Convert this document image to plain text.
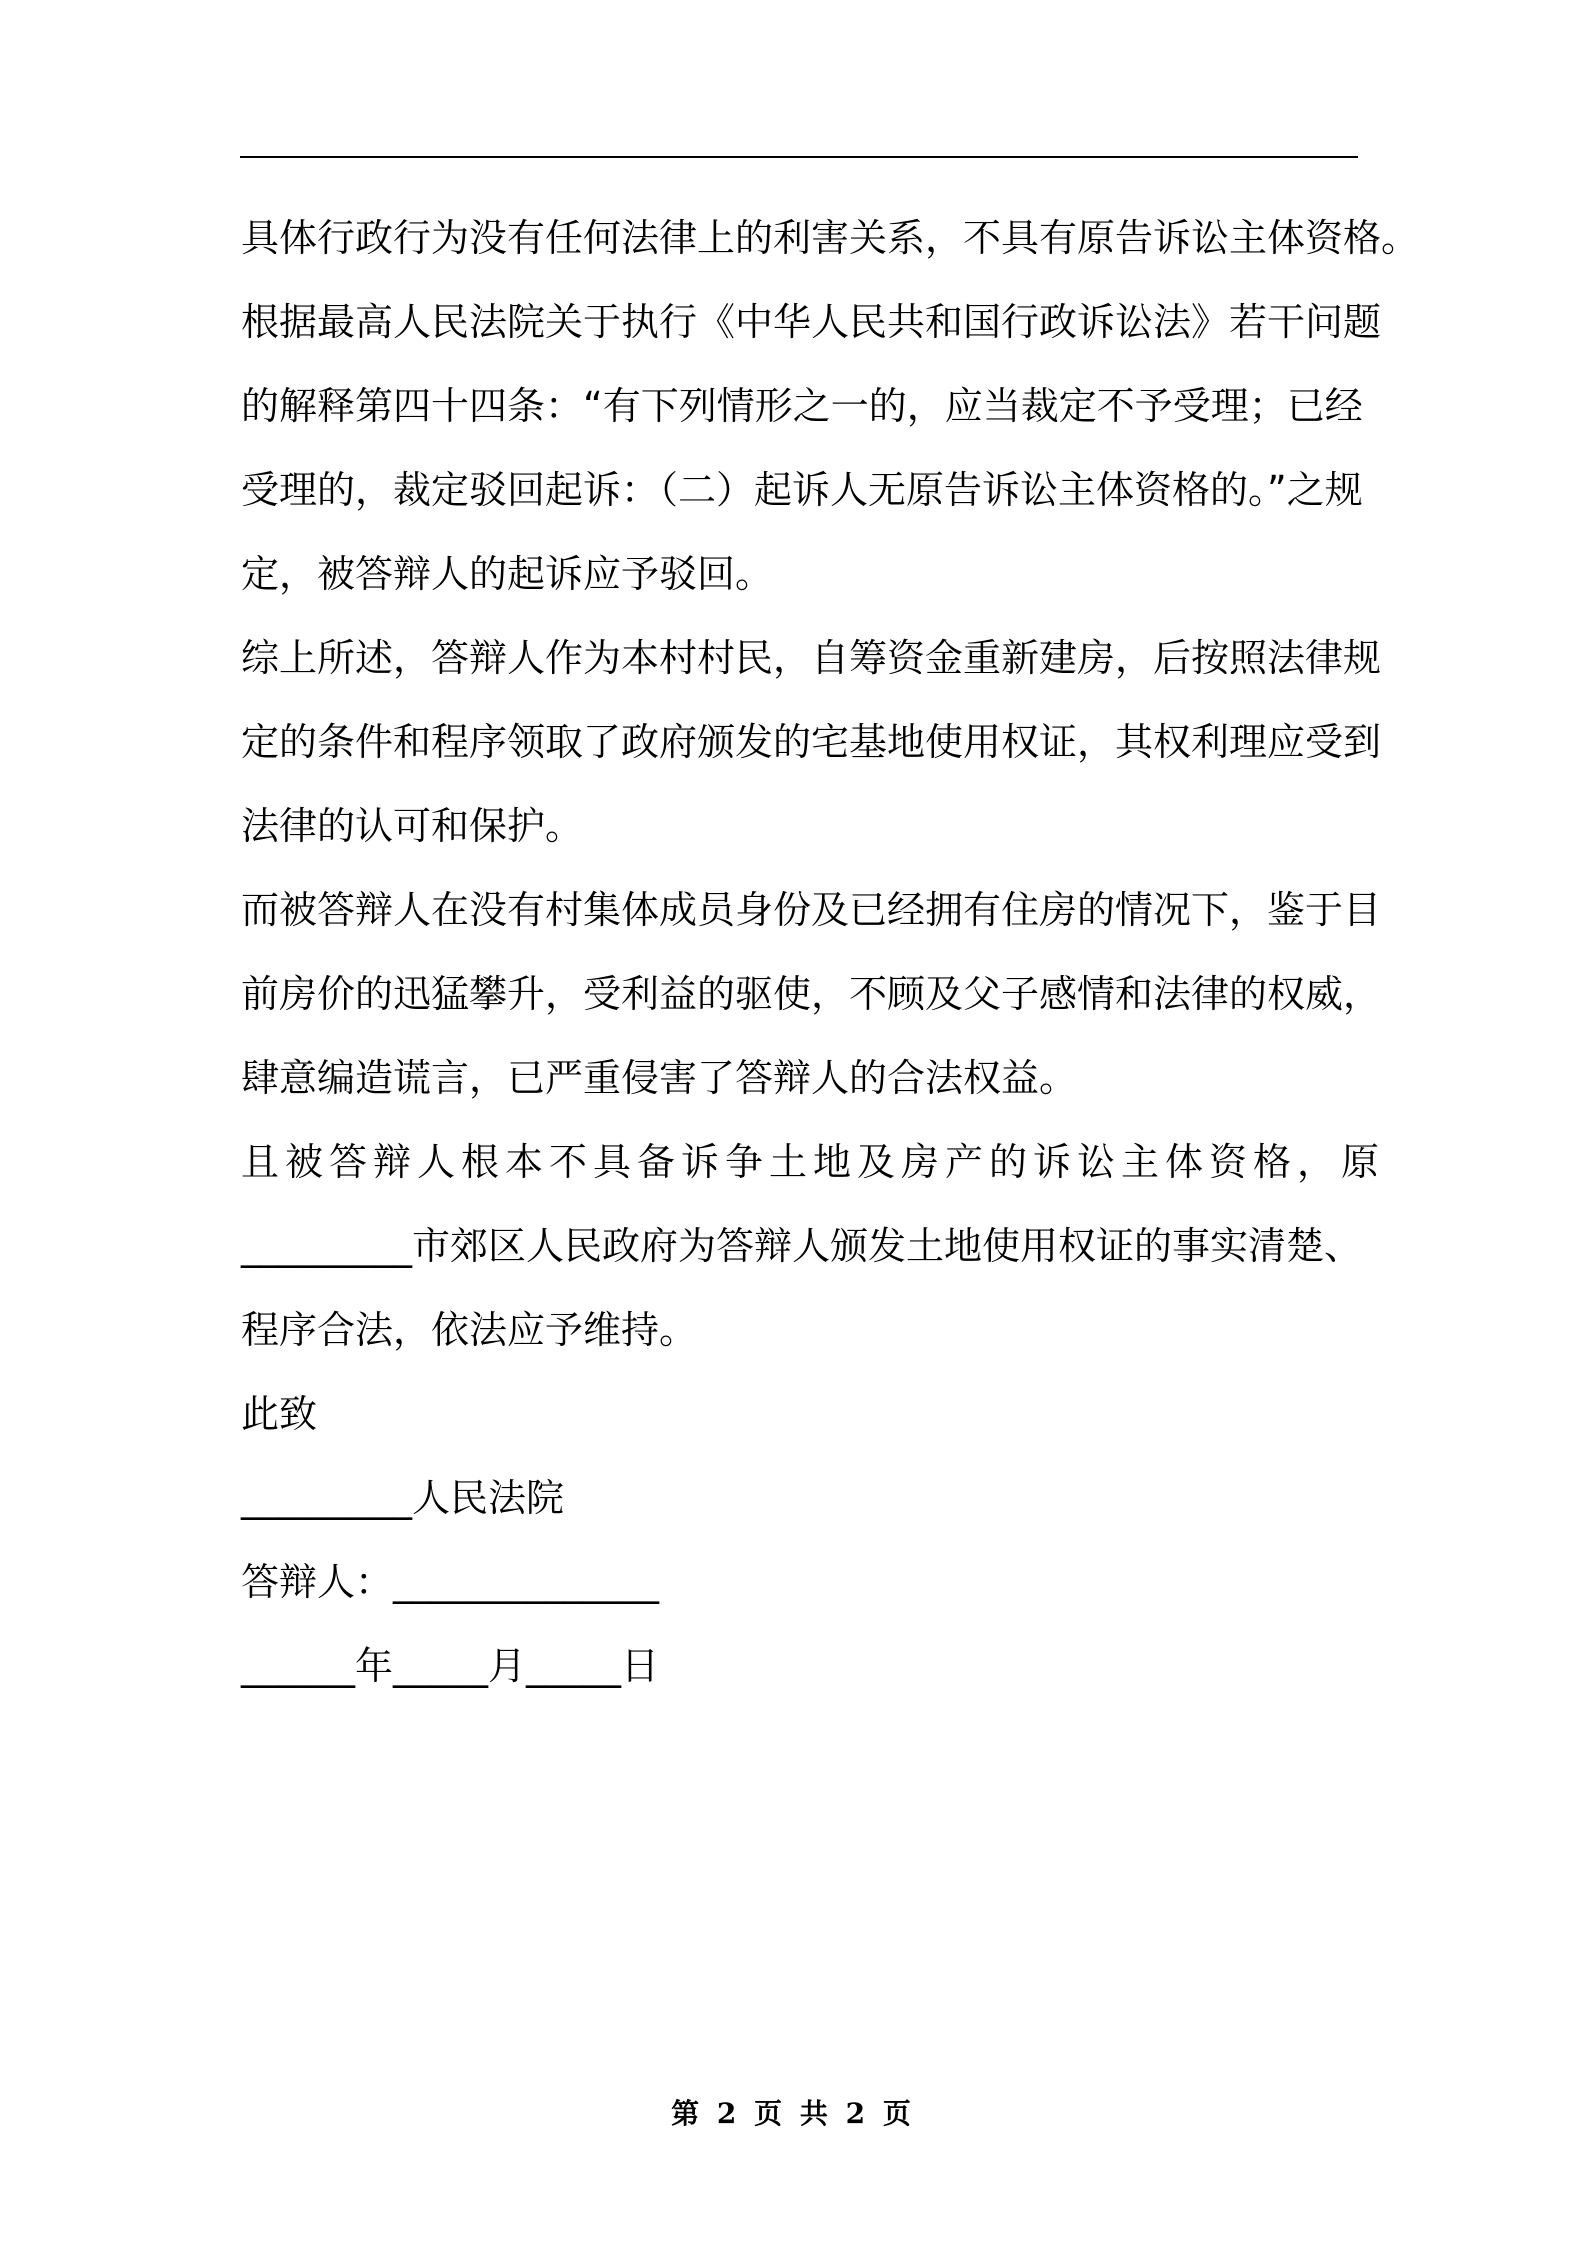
具体行政行为没有任何法律上的利害关系，不具有原告诉讼主体资格。
根据最高人民法院关于执行《中华人民共和国行政诉讼法》若干问题
的解释第四十四条：“有下列情形之一的，应当裁定不予受理；已经
受理的，裁定驳回起诉：（二）起诉人无原告诉讼主体资格的。”之规
定，被答辩人的起诉应予驳回。
综上所述，答辩人作为本村村民，自筹资金重新建房，后按照法律规
定的条件和程序领取了政府颁发的宅基地使用权证，其权利理应受到
法律的认可和保护。
而被答辩人在没有村集体成员身份及已经拥有住房的情况下，鉴于目
前房价的迅猛攀升，受利益的驱使，不顾及父子感情和法律的权威，
肆意编造谎言，已严重侵害了答辩人的合法权益。
且被答辩人根本不具备诉争土地及房产的诉讼主体资格，原
_________市郊区人民政府为答辩人颁发土地使用权证的事实清楚、
程序合法，依法应予维持。
此致
_________人民法院
答辩人：______________
______年_____月_____日
第 2 页 共 2 页
